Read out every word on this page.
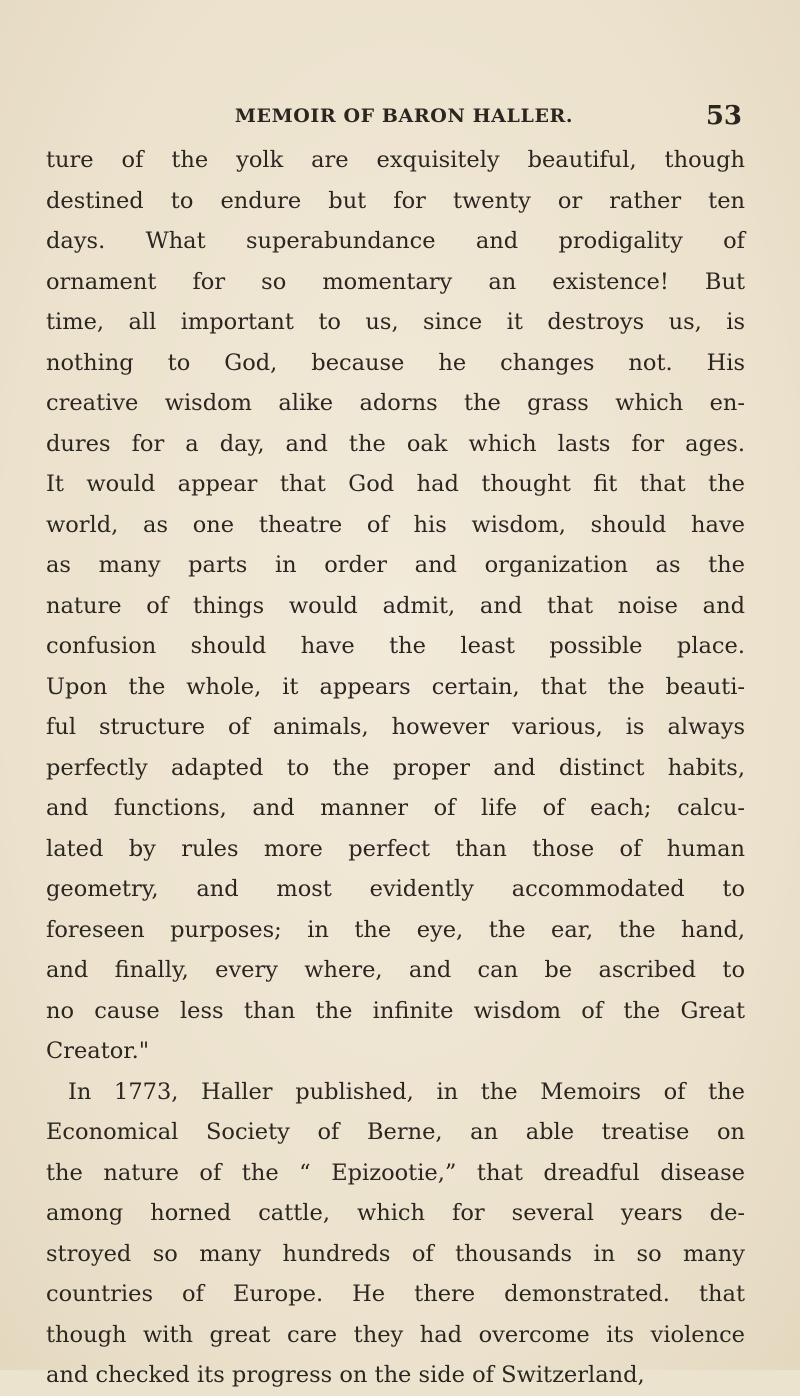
MEMOIR OF BARON HALLER.	53
ture of the yolk are exquisitely beautiful, though
destined to endure but for twenty or rather ten
days. What superabundance and prodigality of
ornament for so momentary an existence! But
time, all important to us, since it destroys us, is
nothing to God, because he changes not. His
creative wisdom alike adorns the grass which en-
dures for a day, and the oak which lasts for ages.
It would appear that God had thought fit that the
world, as one theatre of his wisdom, should have
as many parts in order and organization as the
nature of things would admit, and that noise and
confusion should have the least possible place.
Upon the whole, it appears certain, that the beauti-
ful structure of animals, however various, is always
perfectly adapted to the proper and distinct habits,
and functions, and manner of life of each; calcu-
lated by rules more perfect than those of human
geometry, and most evidently accommodated to
foreseen purposes; in the eye, the ear, the hand,
and finally, every where, and can be ascribed to
no cause less than the infinite wisdom of the Great
Creator."
In 1773, Haller published, in the Memoirs of the
Economical Society of Berne, an able treatise on
the nature of the “ Epizootie,” that dreadful disease
among horned cattle, which for several years de-
stroyed so many hundreds of thousands in so many
countries of Europe. He there demonstrated. that
though with great care they had overcome its violence
and checked its progress on the side of Switzerland,
